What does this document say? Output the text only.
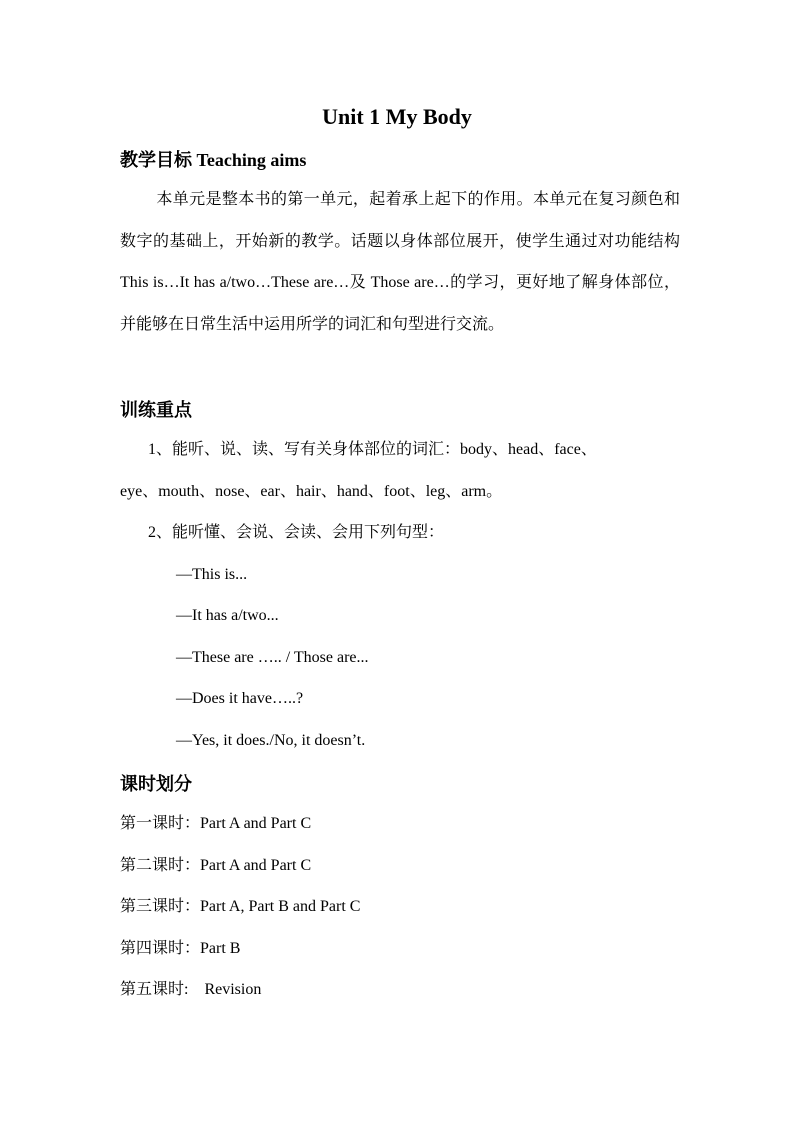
Unit 1 My Body
教学目标 Teaching aims
本单元是整本书的第一单元，起着承上起下的作用。本单元在复习颜色和数字的基础上，开始新的教学。话题以身体部位展开，使学生通过对功能结构This is…It has a/two…These are…及 Those are…的学习，更好地了解身体部位，并能够在日常生活中运用所学的词汇和句型进行交流。
训练重点
1、能听、说、读、写有关身体部位的词汇：body、head、face、
eye、mouth、nose、ear、hair、hand、foot、leg、arm。
2、能听懂、会说、会读、会用下列句型：
—This is...
—It has a/two...
—These are ….. / Those are...
—Does it have…..?
—Yes, it does./No, it doesn’t.
课时划分
第一课时：Part A and Part C
第二课时：Part A and Part C
第三课时：Part A, Part B and Part C
第四课时：Part B
第五课时:    Revision
